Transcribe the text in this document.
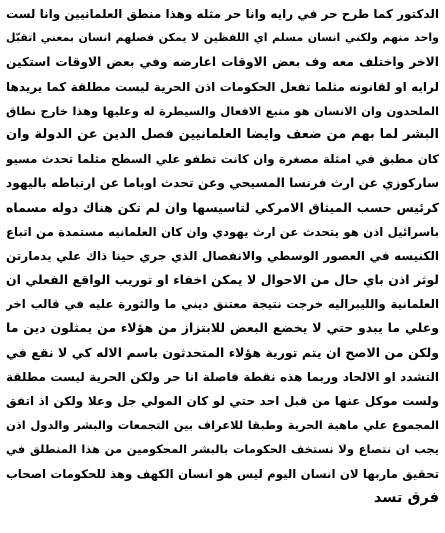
الدكتور كما طرح حر في رايه وانا حر مثله وهذا منطق العلمانيين وانا لست
واحد منهم ولكني انسان مسلم اي اللفظين لا يمكن فصلهم انسان بمعني اتقبّل
الاخر واختلف معه وف بعض الاوقات اعارضه وفي بعض الاوقات استكين
لرايه او لقانونه مثلما تفعل الحكومات اذن الحرية ليست مطلقة كما يريدها
الملحدون وان الانسان هو منبع الافعال والسيطرة له وعليها وهذا خارج نطاق
البشر لما بهم من ضعف وايضا العلمانيين فصل الدين عن الدولة وان
كان مطبق في امثلة مصغرة وان كانت تطفو علي السطح مثلما تحدث مسيو
ساركوزي عن ارث فرنسا المسيحي وعن تحدث اوباما عن ارتباطه باليهود
كرئيس حسب الميثاق الامركي لتاسيسها وان لم تكن هناك دوله مسماه
باسرائيل اذن هو يتحدث عن ارث يهودي وان كان العلمانيه مستمدة من اتباع
الكنيسه في العصور الوسطي والانفصال الذي جري حينا ذاك علي يدمارتن
لوثر اذن باي حال من الاحوال لا يمكن اخفاء او توريب الواقع الفعلي ان
العلمانية والليبراليه خرجت نتيجة معتنق ديني ما والثورة عليه في قالب اخر
وعلي ما يبدو حتي لا يخضع البعض للابتزاز من هؤلاء من يمثلون دين ما
ولكن من الاصح ان يتم تورية هؤلاء المتحدثون باسم الاله كي لا نقع في
التشدد او الالحاد وربما هذه نقطة فاصلة انا حر ولكن الحرية ليست مطلقة
ولست موكل عنها من قبل احد حتي لو كان المولي جل وعلا ولكن اذ اتفق
المجموع علي ماهية الحرية وطبقا للاعراف بين التجمعات والبشر والدول اذن
يجب ان نتصاع ولا نستخف الحكومات بالبشر المحكومين من هذا المنطلق في
تحقيق ماربها لان انسان اليوم ليس هو انسان الكهف وهذ للحكومات اصحاب
فرق تسد
